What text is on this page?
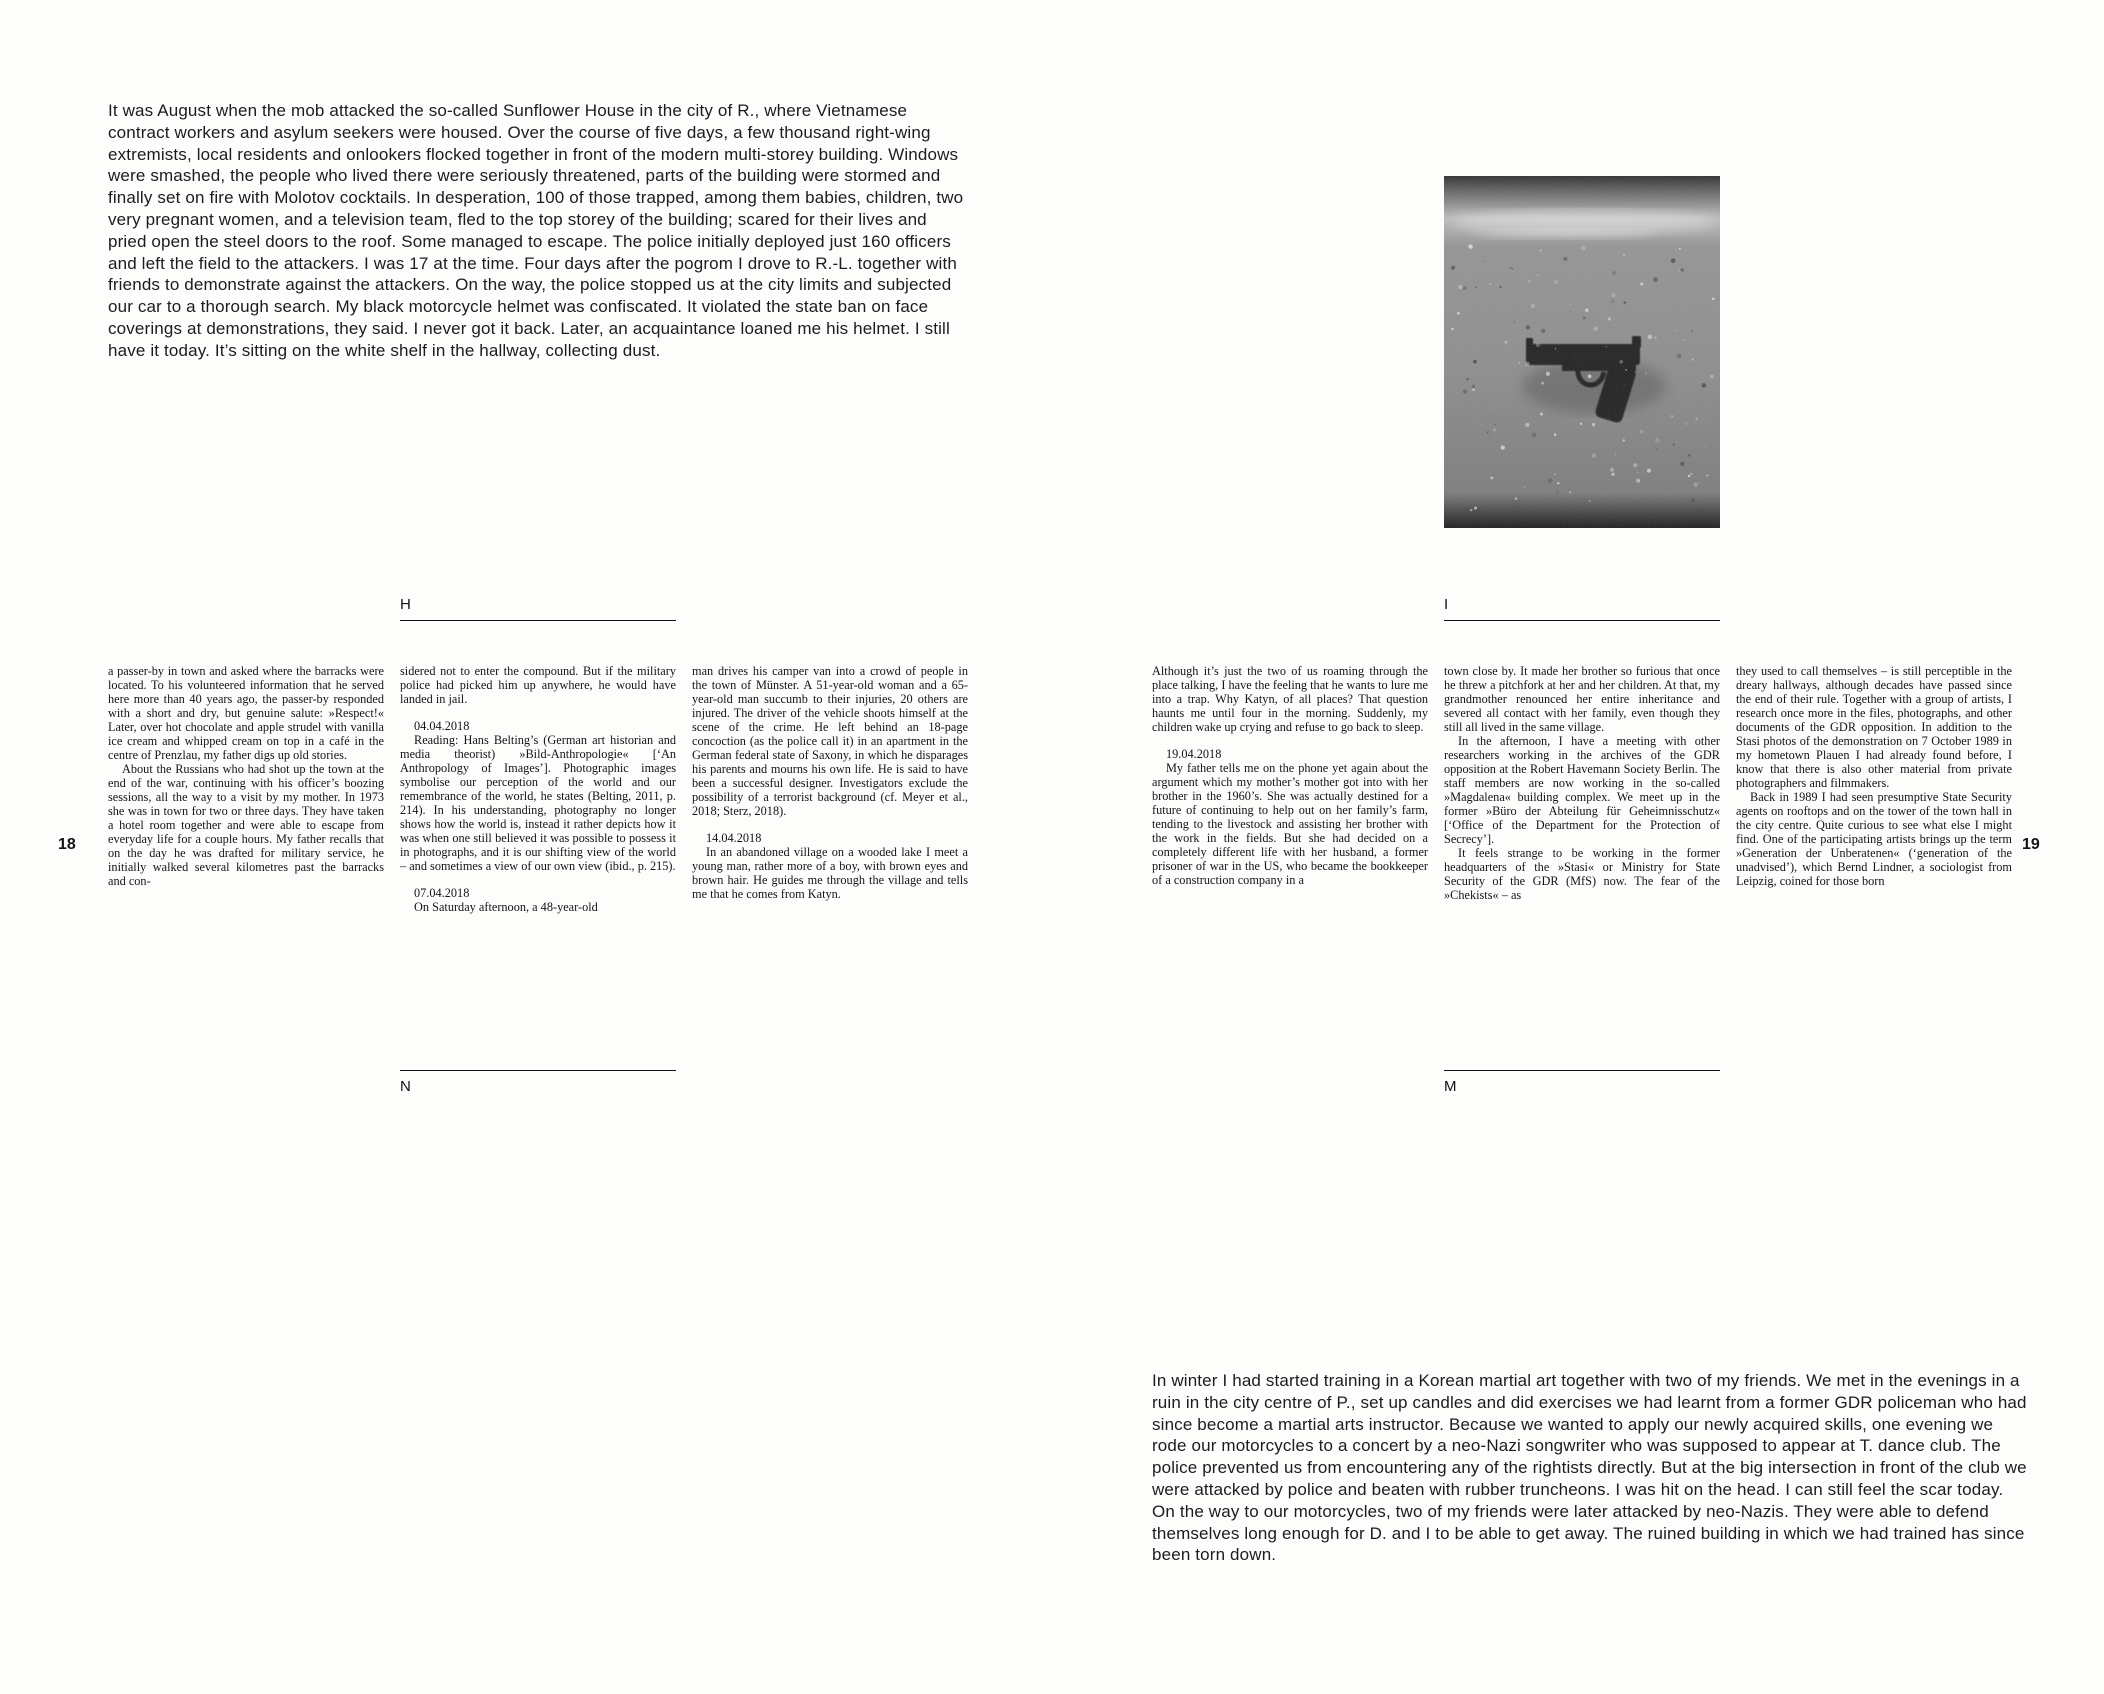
It was August when the mob attacked the so-called Sunflower House in the city of R., where Vietnamese contract workers and asylum seekers were housed. Over the course of five days, a few thousand right-wing extremists, local residents and onlookers flocked together in front of the modern multi-storey building. Windows were smashed, the people who lived there were seriously threatened, parts of the building were stormed and finally set on fire with Molotov cocktails. In desperation, 100 of those trapped, among them babies, children, two very pregnant women, and a television team, fled to the top storey of the building; scared for their lives and pried open the steel doors to the roof. Some managed to escape. The police initially deployed just 160 officers and left the field to the attackers. I was 17 at the time. Four days after the pogrom I drove to R.-L. together with friends to demonstrate against the attackers. On the way, the police stopped us at the city limits and subjected our car to a thorough search. My black motorcycle helmet was confiscated. It violated the state ban on face coverings at demonstrations, they said. I never got it back. Later, an acquaintance loaned me his helmet. I still have it today. It’s sitting on the white shelf in the hallway, collecting dust.

H

a passer-by in town and asked where the barracks were located. To his volunteered information that he served here more than 40 years ago, the passer-by responded with a short and dry, but genuine salute: »Respect!« Later, over hot chocolate and apple strudel with vanilla ice cream and whipped cream on top in a café in the centre of Prenzlau, my father digs up old stories.

About the Russians who had shot up the town at the end of the war, continuing with his officer’s boozing sessions, all the way to a visit by my mother. In 1973 she was in town for two or three days. They have taken a hotel room together and were able to escape from everyday life for a couple hours. My father recalls that on the day he was drafted for military service, he initially walked several kilometres past the barracks and con-

sidered not to enter the compound. But if the military police had picked him up anywhere, he would have landed in jail.

04.04.2018

Reading: Hans Belting’s (German art historian and media theorist) »Bild-Anthropologie« [‘An Anthropology of Images’]. Photographic images symbolise our perception of the world and our remembrance of the world, he states (Belting, 2011, p. 214). In his understanding, photography no longer shows how the world is, instead it rather depicts how it was when one still believed it was possible to possess it in photographs, and it is our shifting view of the world – and sometimes a view of our own view (ibid., p. 215).

07.04.2018

On Saturday afternoon, a 48-year-old

man drives his camper van into a crowd of people in the town of Münster. A 51-year-old woman and a 65-year-old man succumb to their injuries, 20 others are injured. The driver of the vehicle shoots himself at the scene of the crime. He left behind an 18-page concoction (as the police call it) in an apartment in the German federal state of Saxony, in which he disparages his parents and mourns his own life. He is said to have been a successful designer. Investigators exclude the possibility of a terrorist background (cf. Meyer et al., 2018; Sterz, 2018).

14.04.2018

In an abandoned village on a wooded lake I meet a young man, rather more of a boy, with brown eyes and brown hair. He guides me through the village and tells me that he comes from Katyn.

N
18
I

Although it’s just the two of us roaming through the place talking, I have the feeling that he wants to lure me into a trap. Why Katyn, of all places? That question haunts me until four in the morning. Suddenly, my children wake up crying and refuse to go back to sleep.

19.04.2018

My father tells me on the phone yet again about the argument which my mother’s mother got into with her brother in the 1960’s. She was actually destined for a future of continuing to help out on her family’s farm, tending to the livestock and assisting her brother with the work in the fields. But she had decided on a completely different life with her husband, a former prisoner of war in the US, who became the bookkeeper of a construction company in a

town close by. It made her brother so furious that once he threw a pitchfork at her and her children. At that, my grandmother renounced her entire inheritance and severed all contact with her family, even though they still all lived in the same village.

In the afternoon, I have a meeting with other researchers working in the archives of the GDR opposition at the Robert Havemann Society Berlin. The staff members are now working in the so-called »Magdalena« building complex. We meet up in the former »Büro der Abteilung für Geheimnisschutz« [‘Office of the Department for the Protection of Secrecy’].

It feels strange to be working in the former headquarters of the »Stasi« or Ministry for State Security of the GDR (MfS) now. The fear of the »Chekists« – as

they used to call themselves – is still perceptible in the dreary hallways, although decades have passed since the end of their rule. Together with a group of artists, I research once more in the files, photographs, and other documents of the GDR opposition. In addition to the Stasi photos of the demonstration on 7 October 1989 in my hometown Plauen I had already found before, I know that there is also other material from private photographers and filmmakers.

Back in 1989 I had seen presumptive State Security agents on rooftops and on the tower of the town hall in the city centre. Quite curious to see what else I might find. One of the participating artists brings up the term »Generation der Unberatenen« (‘generation of the unadvised’), which Bernd Lindner, a sociologist from Leipzig, coined for those born

M

In winter I had started training in a Korean martial art together with two of my friends. We met in the evenings in a ruin in the city centre of P., set up candles and did exercises we had learnt from a former GDR policeman who had since become a martial arts instructor. Because we wanted to apply our newly acquired skills, one evening we rode our motorcycles to a concert by a neo-Nazi songwriter who was supposed to appear at T. dance club. The police prevented us from encountering any of the rightists directly. But at the big intersection in front of the club we were attacked by police and beaten with rubber truncheons. I was hit on the head. I can still feel the scar today. On the way to our motorcycles, two of my friends were later attacked by neo-Nazis. They were able to defend themselves long enough for D. and I to be able to get away. The ruined building in which we had trained has since been torn down.

19
